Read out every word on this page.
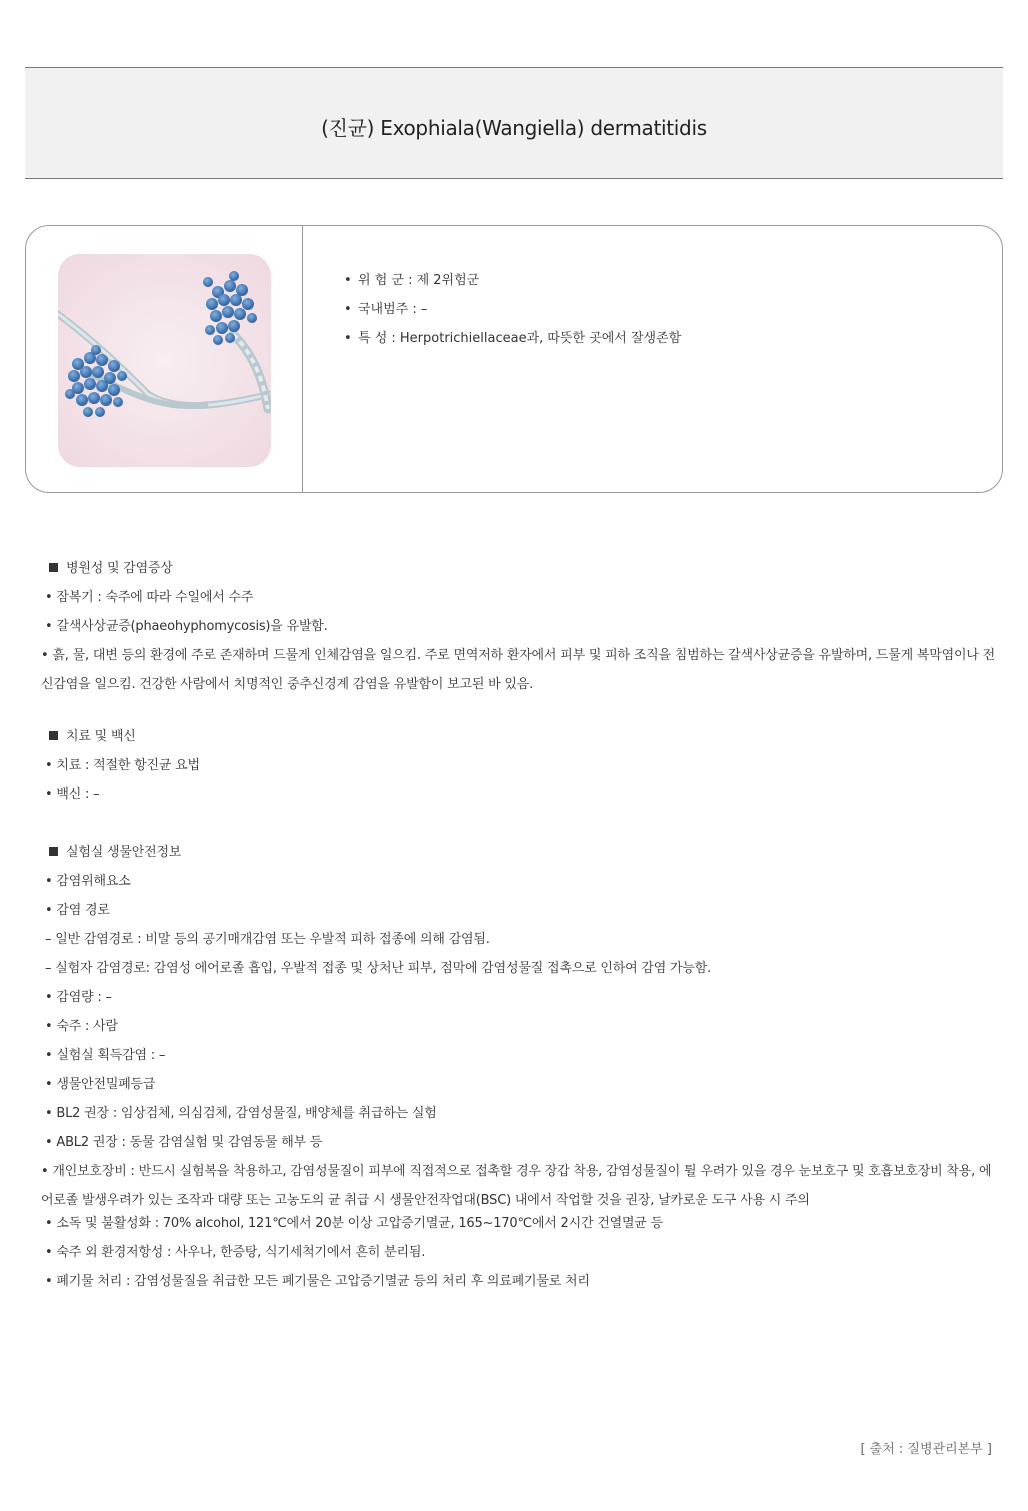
(진균) Exophiala(Wangiella) dermatitidis
• 위 험 군 : 제 2위험군
• 국내범주 : –
• 특 성 : Herpotrichiellaceae과, 따뜻한 곳에서 잘생존함
병원성 및 감염증상
• 잠복기 : 숙주에 따라 수일에서 수주
• 갈색사상균증(phaeohyphomycosis)을 유발함.
• 흙, 물, 대변 등의 환경에 주로 존재하며 드물게 인체감염을 일으킴. 주로 면역저하 환자에서 피부 및 피하 조직을 침범하는 갈색사상균증을 유발하며, 드물게 복막염이나 전신감염을 일으킴. 건강한 사람에서 치명적인 중추신경계 감염을 유발함이 보고된 바 있음.
치료 및 백신
• 치료 : 적절한 항진균 요법
• 백신 : –
실험실 생물안전정보
• 감염위해요소
• 감염 경로
– 일반 감염경로 : 비말 등의 공기매개감염 또는 우발적 피하 접종에 의해 감염됨.
– 실험자 감염경로: 감염성 에어로졸 흡입, 우발적 접종 및 상처난 피부, 점막에 감염성물질 접촉으로 인하여 감염 가능함.
• 감염량 : –
• 숙주 : 사람
• 실험실 획득감염 : –
• 생물안전밀폐등급
• BL2 권장 : 임상검체, 의심검체, 감염성물질, 배양체를 취급하는 실험
• ABL2 권장 : 동물 감염실험 및 감염동물 해부 등
• 개인보호장비 : 반드시 실험복을 착용하고, 감염성물질이 피부에 직접적으로 접촉할 경우 장갑 착용, 감염성물질이 튈 우려가 있을 경우 눈보호구 및 호흡보호장비 착용, 에어로졸 발생우려가 있는 조작과 대량 또는 고농도의 균 취급 시 생물안전작업대(BSC) 내에서 작업할 것을 권장, 날카로운 도구 사용 시 주의
• 소독 및 불활성화 : 70% alcohol, 121℃에서 20분 이상 고압증기멸균, 165~170℃에서 2시간 건열멸균 등
• 숙주 외 환경저항성 : 사우나, 한증탕, 식기세척기에서 흔히 분리됨.
• 폐기물 처리 : 감염성물질을 취급한 모든 폐기물은 고압증기멸균 등의 처리 후 의료폐기물로 처리
[ 출처 : 질병관리본부 ]
